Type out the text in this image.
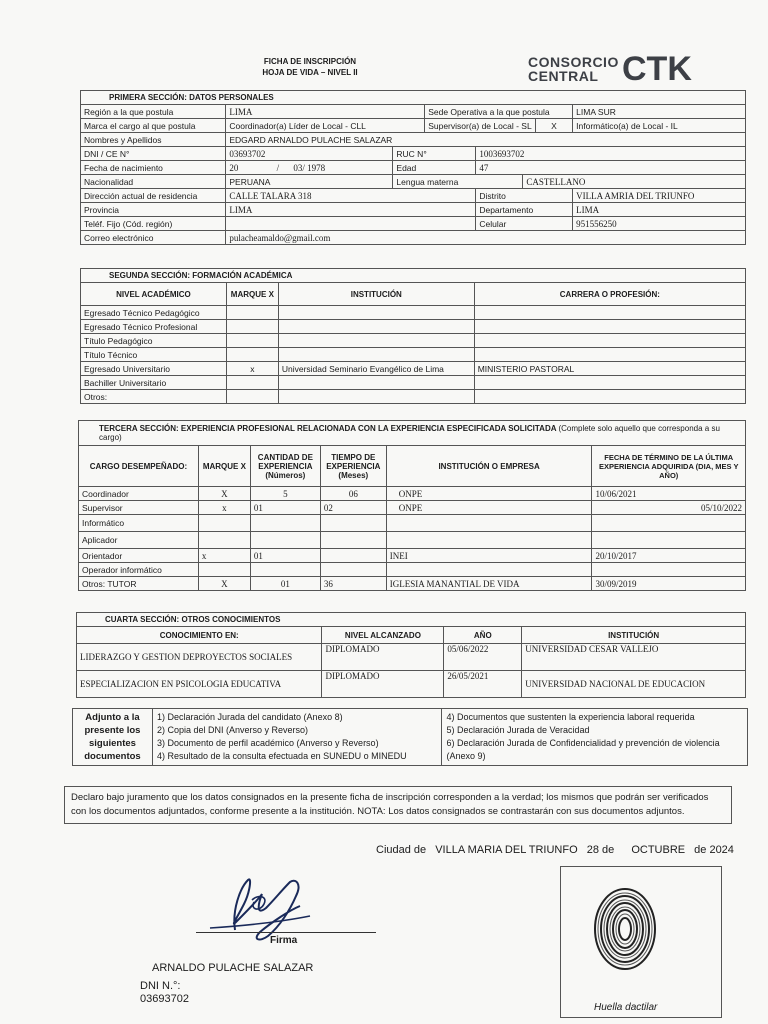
FICHA DE INSCRIPCIÓN
HOJA DE VIDA – NIVEL II
CONSORCIO
CENTRAL CTK
PRIMERA SECCIÓN: DATOS PERSONALES							
Región a la que postula	LIMA		Sede Operativa a la que postula				LIMA SUR
Marca el cargo al que postula	Coordinador(a) Líder de Local - CLL		Supervisor(a) de Local - SL			X	Informático(a) de Local - IL
Nombres y Apellidos	EDGARD ARNALDO PULACHE SALAZAR						
DNI / CE N°	03693702	RUC N°		1003693702			
Fecha de nacimiento	20 / 03/ 1978	Edad		47			
Nacionalidad	PERUANA	Lengua materna			CASTELLANO		
Dirección actual de residencia	CALLE TALARA 318			Distrito			VILLA AMRIA DEL TRIUNFO
Provincia	LIMA			Departamento			LIMA
Teléf. Fijo (Cód. región)				Celular			951556250
Correo electrónico	pulacheamaldo@gmail.com						
SEGUNDA SECCIÓN: FORMACIÓN ACADÉMICA			
NIVEL ACADÉMICO	MARQUE X	INSTITUCIÓN	CARRERA O PROFESIÓN:
Egresado Técnico Pedagógico			
Egresado Técnico Profesional			
Título Pedagógico			
Título Técnico			
Egresado Universitario	x	Universidad Seminario Evangélico de Lima	MINISTERIO PASTORAL
Bachiller Universitario			
Otros:			
TERCERA SECCIÓN: EXPERIENCIA PROFESIONAL RELACIONADA CON LA EXPERIENCIA ESPECIFICADA SOLICITADA (Complete solo aquello que corresponda a su cargo)					
CARGO DESEMPEÑADO:	MARQUE X	CANTIDAD DE EXPERIENCIA (Números)	TIEMPO DE EXPERIENCIA (Meses)	INSTITUCIÓN O EMPRESA	FECHA DE TÉRMINO DE LA ÚLTIMA EXPERIENCIA ADQUIRIDA (DIA, MES Y AÑO)
Coordinador	X	5	06	ONPE	10/06/2021
Supervisor	x	01	02	ONPE	05/10/2022
Informático					
Aplicador					
Orientador	x	01		INEI	20/10/2017
Operador informático					
Otros: TUTOR	X	01	36	IGLESIA MANANTIAL DE VIDA	30/09/2019
CUARTA SECCIÓN: OTROS CONOCIMIENTOS			
CONOCIMIENTO EN:	NIVEL ALCANZADO	AÑO	INSTITUCIÓN
LIDERAZGO Y GESTION DEPROYECTOS SOCIALES	DIPLOMADO	05/06/2022	UNIVERSIDAD CESAR VALLEJO
ESPECIALIZACION EN PSICOLOGIA EDUCATIVA	DIPLOMADO	26/05/2021	UNIVERSIDAD NACIONAL DE EDUCACION
Adjunto a la presente los siguientes documentos	
1) Declaración Jurada del candidato (Anexo 8)
2) Copia del DNI (Anverso y Reverso)
3) Documento de perfil académico (Anverso y Reverso)
4) Resultado de la consulta efectuada en SUNEDU o MINEDU

4) Documentos que sustenten la experiencia laboral requerida
5) Declaración Jurada de Veracidad
6) Declaración Jurada de Confidencialidad y prevención de violencia (Anexo 9)
Declaro bajo juramento que los datos consignados en la presente ficha de inscripción corresponden a la verdad; los mismos que podrán ser verificados con los documentos adjuntados, conforme presente a la institución. NOTA: Los datos consignados se contrastarán con sus documentos adjuntos.
Ciudad de VILLA MARIA DEL TRIUNFO 28 de OCTUBRE de 2024
Firma
ARNALDO PULACHE SALAZAR
DNI N.°:
03693702
Huella dactilar
